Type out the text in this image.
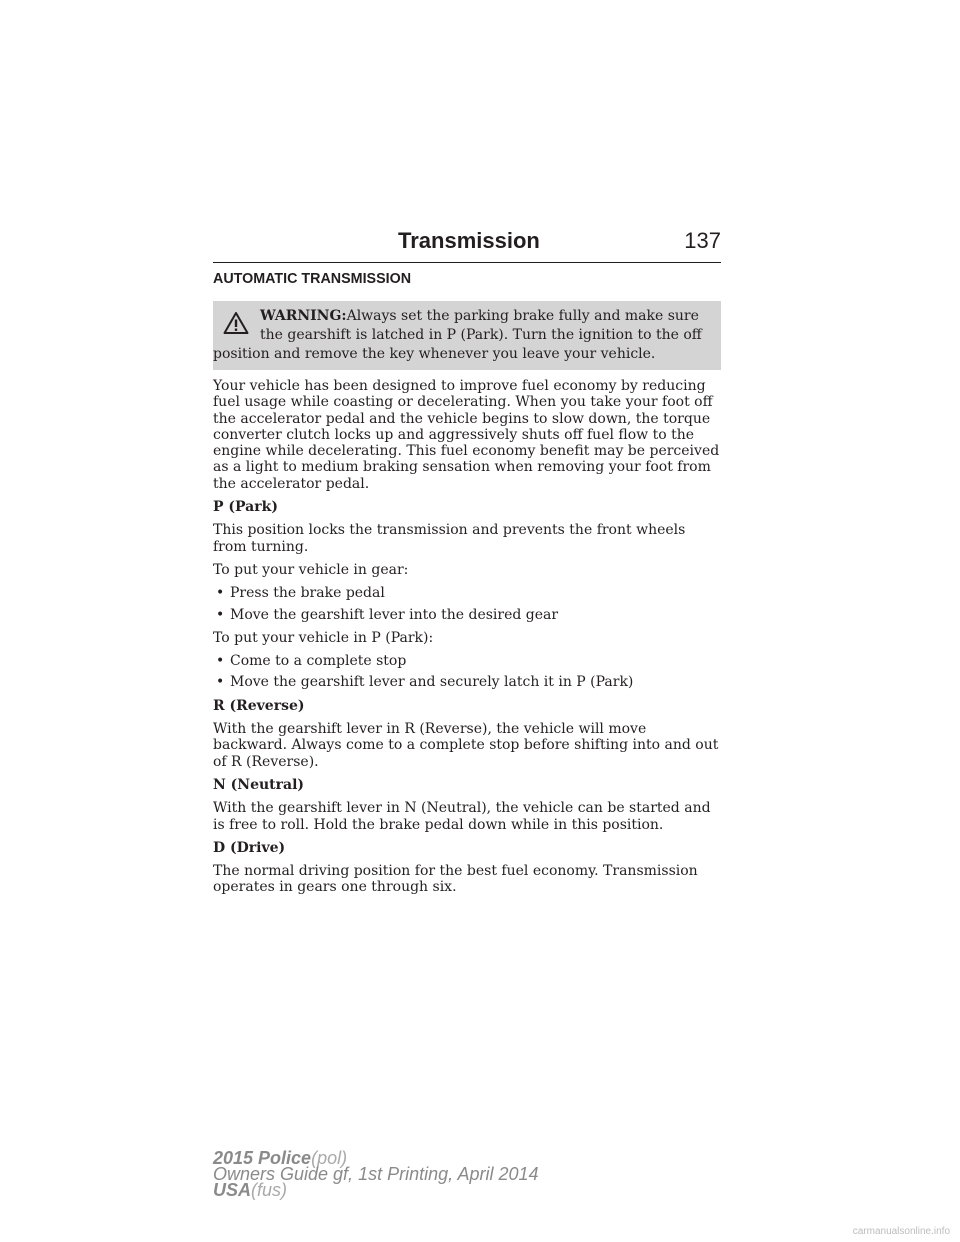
Transmission	137
AUTOMATIC TRANSMISSION

WARNING:Always set the parking brake fully and make sure
the gearshift is latched in P (Park). Turn the ignition to the off
position and remove the key whenever you leave your vehicle.

Your vehicle has been designed to improve fuel economy by reducing fuel usage while coasting or decelerating. When you take your foot off the accelerator pedal and the vehicle begins to slow down, the torque converter clutch locks up and aggressively shuts off fuel flow to the engine while decelerating. This fuel economy benefit may be perceived as a light to medium braking sensation when removing your foot from the accelerator pedal.

P (Park)

This position locks the transmission and prevents the front wheels from turning.

To put your vehicle in gear:

• Press the brake pedal
• Move the gearshift lever into the desired gear

To put your vehicle in P (Park):

• Come to a complete stop
• Move the gearshift lever and securely latch it in P (Park)
R (Reverse)

With the gearshift lever in R (Reverse), the vehicle will move backward. Always come to a complete stop before shifting into and out of R (Reverse).

N (Neutral)

With the gearshift lever in N (Neutral), the vehicle can be started and is free to roll. Hold the brake pedal down while in this position.

D (Drive)

The normal driving position for the best fuel economy. Transmission operates in gears one through six.

2015 Police(pol)
Owners Guide gf, 1st Printing, April 2014
USA(fus)
carmanualsonline.info
